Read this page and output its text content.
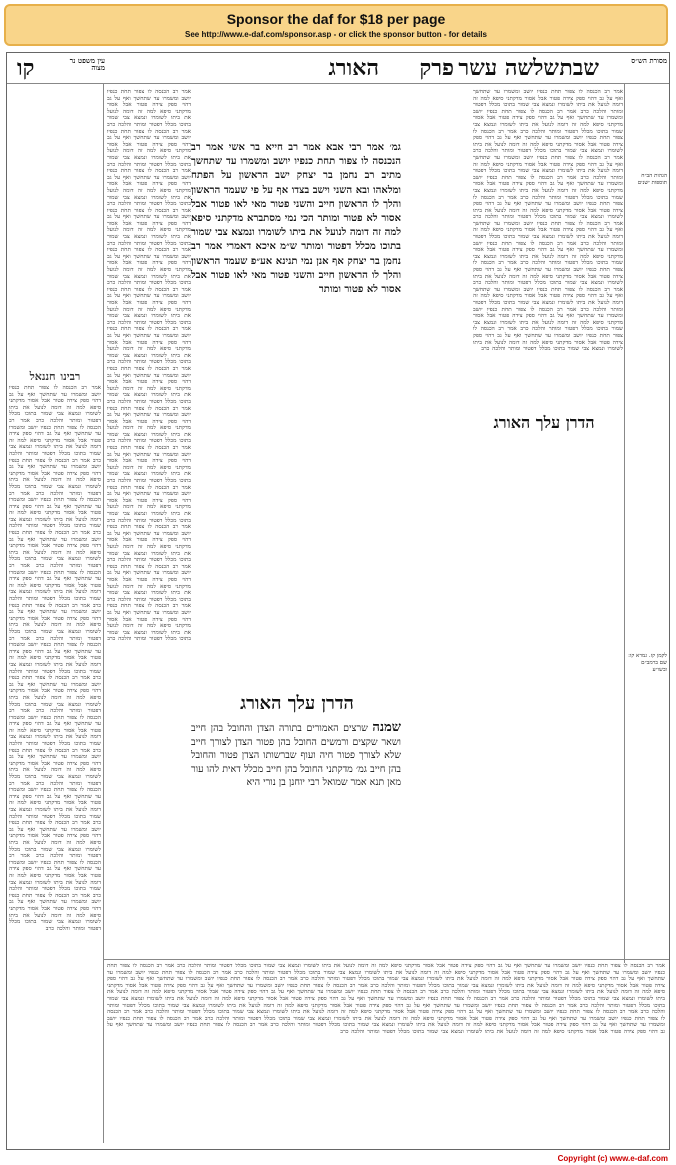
Sponsor the daf for $18 per page
See http://www.e-daf.com/sponsor.asp - or click the sponsor button - for details
מסורת הש״ס
האורג פרק שלשה עשר שבת
עין משפט נר מצוה
קו
אמר רב הכנסה לו צפור תחת כנפיו יושב ומשמרו עד שתחשך ואף על גב דהוי ספק צידה פטור אבל אסור מדקתני סיפא למה זה דומה לנועל את ביתו לשומרו ונמצא צבי שמור בתוכו מכלל דפטור ומותר והלכה כרב אמר רב הכנסה לו צפור תחת כנפיו יושב ומשמרו עד שתחשך ואף על גב דהוי ספק צידה פטור אבל אסור מדקתני סיפא למה זה דומה לנועל את ביתו לשומרו ונמצא צבי שמור בתוכו מכלל דפטור ומותר והלכה כרב אמר רב הכנסה לו צפור תחת כנפיו יושב ומשמרו עד שתחשך ואף על גב דהוי ספק צידה פטור אבל אסור מדקתני סיפא למה זה דומה לנועל את ביתו לשומרו ונמצא צבי שמור בתוכו מכלל דפטור ומותר והלכה כרב אמר רב הכנסה לו צפור תחת כנפיו יושב ומשמרו עד שתחשך ואף על גב דהוי ספק צידה פטור אבל אסור מדקתני סיפא למה זה דומה לנועל את ביתו לשומרו ונמצא צבי שמור בתוכו מכלל דפטור ומותר והלכה כרב אמר רב הכנסה לו צפור תחת כנפיו יושב ומשמרו עד שתחשך ואף על גב דהוי ספק צידה פטור אבל אסור מדקתני סיפא למה זה דומה לנועל את ביתו לשומרו ונמצא צבי שמור בתוכו מכלל דפטור ומותר והלכה כרב אמר רב הכנסה לו צפור תחת כנפיו יושב ומשמרו עד שתחשך ואף על גב דהוי ספק צידה פטור אבל אסור מדקתני סיפא למה זה דומה לנועל את ביתו לשומרו ונמצא צבי שמור בתוכו מכלל דפטור ומותר והלכה כרב אמר רב הכנסה לו צפור תחת כנפיו יושב ומשמרו עד שתחשך ואף על גב דהוי ספק צידה פטור אבל אסור מדקתני סיפא למה זה דומה לנועל את ביתו לשומרו ונמצא צבי שמור בתוכו מכלל דפטור ומותר והלכה כרב אמר רב הכנסה לו צפור תחת כנפיו יושב ומשמרו עד שתחשך ואף על גב דהוי ספק צידה פטור אבל אסור מדקתני סיפא למה זה דומה לנועל את ביתו לשומרו ונמצא צבי שמור בתוכו מכלל דפטור ומותר והלכה כרב אמר רב הכנסה לו צפור תחת כנפיו יושב ומשמרו עד שתחשך ואף על גב דהוי ספק צידה פטור אבל אסור מדקתני סיפא למה זה דומה לנועל את ביתו לשומרו ונמצא צבי שמור בתוכו מכלל דפטור ומותר והלכה כרב אמר רב הכנסה לו צפור תחת כנפיו יושב ומשמרו עד שתחשך ואף על גב דהוי ספק צידה פטור אבל אסור מדקתני סיפא למה זה דומה לנועל את ביתו לשומרו ונמצא צבי שמור בתוכו מכלל דפטור ומותר והלכה כרב אמר רב הכנסה לו צפור תחת כנפיו יושב ומשמרו עד שתחשך ואף על גב דהוי ספק צידה פטור אבל אסור מדקתני סיפא למה זה דומה לנועל את ביתו לשומרו ונמצא צבי שמור בתוכו מכלל דפטור ומותר והלכה כרב אמר רב הכנסה לו צפור תחת כנפיו יושב ומשמרו עד שתחשך ואף על גב דהוי ספק צידה פטור אבל אסור מדקתני סיפא למה זה דומה לנועל את ביתו לשומרו ונמצא צבי שמור בתוכו מכלל דפטור ומותר והלכה כרב
הדרן עלך האורג
גמ׳ אמר רבי אבא אמר רב חייא בר אשי אמר רב הנכנסה לו צפור תחת כנפיו יושב ומשמרו עד שתחשך מתיב רב נחמן בר יצחק ישב הראשון על הפתח ומלאהו ובא השני וישב בצדו אף על פי שעמד הראשון והלך לו הראשון חייב והשני פטור מאי לאו פטור אבל אסור לא פטור ומותר הכי נמי מסתברא מדקתני סיפא למה זה דומה לנועל את ביתו לשומרו ונמצא צבי שמור בתוכו מכלל דפטור ומותר ש״מ איכא דאמרי אמר רב נחמן בר יצחק אף אנן נמי תנינא אע״פ שעמד הראשון והלך לו הראשון חייב והשני פטור מאי לאו פטור אבל אסור לא פטור ומותר
הדרן עלך האורג
שמנה שרצים האמורים בתורה הצדן והחובל בהן חייב ושאר שקצים ורמשים החובל בהן פטור הצדן לצורך חייב שלא לצורך פטור חיה ועוף שברשותו הצדן פטור והחובל בהן חייב גמ׳ מדקתני החובל בהן חייב מכלל דאית להו עור מאן תנא אמר שמואל רבי יוחנן בן נורי היא
אמר רב הכנסה לו צפור תחת כנפיו יושב ומשמרו עד שתחשך ואף על גב דהוי ספק צידה פטור אבל אסור מדקתני סיפא למה זה דומה לנועל את ביתו לשומרו ונמצא צבי שמור בתוכו מכלל דפטור ומותר והלכה כרב אמר רב הכנסה לו צפור תחת כנפיו יושב ומשמרו עד שתחשך ואף על גב דהוי ספק צידה פטור אבל אסור מדקתני סיפא למה זה דומה לנועל את ביתו לשומרו ונמצא צבי שמור בתוכו מכלל דפטור ומותר והלכה כרב אמר רב הכנסה לו צפור תחת כנפיו יושב ומשמרו עד שתחשך ואף על גב דהוי ספק צידה פטור אבל אסור מדקתני סיפא למה זה דומה לנועל את ביתו לשומרו ונמצא צבי שמור בתוכו מכלל דפטור ומותר והלכה כרב אמר רב הכנסה לו צפור תחת כנפיו יושב ומשמרו עד שתחשך ואף על גב דהוי ספק צידה פטור אבל אסור מדקתני סיפא למה זה דומה לנועל את ביתו לשומרו ונמצא צבי שמור בתוכו מכלל דפטור ומותר והלכה כרב אמר רב הכנסה לו צפור תחת כנפיו יושב ומשמרו עד שתחשך ואף על גב דהוי ספק צידה פטור אבל אסור מדקתני סיפא למה זה דומה לנועל את ביתו לשומרו ונמצא צבי שמור בתוכו מכלל דפטור ומותר והלכה כרב אמר רב הכנסה לו צפור תחת כנפיו יושב ומשמרו עד שתחשך ואף על גב דהוי ספק צידה פטור אבל אסור מדקתני סיפא למה זה דומה לנועל את ביתו לשומרו ונמצא צבי שמור בתוכו מכלל דפטור ומותר והלכה כרב אמר רב הכנסה לו צפור תחת כנפיו יושב ומשמרו עד שתחשך ואף על גב דהוי ספק צידה פטור אבל אסור מדקתני סיפא למה זה דומה לנועל את ביתו לשומרו ונמצא צבי שמור בתוכו מכלל דפטור ומותר והלכה כרב אמר רב הכנסה לו צפור תחת כנפיו יושב ומשמרו עד שתחשך ואף על גב דהוי ספק צידה פטור אבל אסור מדקתני סיפא למה זה דומה לנועל את ביתו לשומרו ונמצא צבי שמור בתוכו מכלל דפטור ומותר והלכה כרב אמר רב הכנסה לו צפור תחת כנפיו יושב ומשמרו עד שתחשך ואף על גב דהוי ספק צידה פטור אבל אסור מדקתני סיפא למה זה דומה לנועל את ביתו לשומרו ונמצא צבי שמור בתוכו מכלל דפטור ומותר והלכה כרב אמר רב הכנסה לו צפור תחת כנפיו יושב ומשמרו עד שתחשך ואף על גב דהוי ספק צידה פטור אבל אסור מדקתני סיפא למה זה דומה לנועל את ביתו לשומרו ונמצא צבי שמור בתוכו מכלל דפטור ומותר והלכה כרב אמר רב הכנסה לו צפור תחת כנפיו יושב ומשמרו עד שתחשך ואף על גב דהוי ספק צידה פטור אבל אסור מדקתני סיפא למה זה דומה לנועל את ביתו לשומרו ונמצא צבי שמור בתוכו מכלל דפטור ומותר והלכה כרב אמר רב הכנסה לו צפור תחת כנפיו יושב ומשמרו עד שתחשך ואף על גב דהוי ספק צידה פטור אבל אסור מדקתני סיפא למה זה דומה לנועל את ביתו לשומרו ונמצא צבי שמור בתוכו מכלל דפטור ומותר והלכה כרב אמר רב הכנסה לו צפור תחת כנפיו יושב ומשמרו עד שתחשך ואף על גב דהוי ספק צידה פטור אבל אסור מדקתני סיפא למה זה דומה לנועל את ביתו לשומרו ונמצא צבי שמור בתוכו מכלל דפטור ומותר והלכה כרב אמר רב הכנסה לו צפור תחת כנפיו יושב ומשמרו עד שתחשך ואף על גב דהוי ספק צידה פטור אבל אסור מדקתני סיפא למה זה דומה לנועל את ביתו לשומרו ונמצא צבי שמור בתוכו מכלל דפטור ומותר והלכה כרב
רבינו חננאל
אמר רב הכנסה לו צפור תחת כנפיו יושב ומשמרו עד שתחשך ואף על גב דהוי ספק צידה פטור אבל אסור מדקתני סיפא למה זה דומה לנועל את ביתו לשומרו ונמצא צבי שמור בתוכו מכלל דפטור ומותר והלכה כרב אמר רב הכנסה לו צפור תחת כנפיו יושב ומשמרו עד שתחשך ואף על גב דהוי ספק צידה פטור אבל אסור מדקתני סיפא למה זה דומה לנועל את ביתו לשומרו ונמצא צבי שמור בתוכו מכלל דפטור ומותר והלכה כרב אמר רב הכנסה לו צפור תחת כנפיו יושב ומשמרו עד שתחשך ואף על גב דהוי ספק צידה פטור אבל אסור מדקתני סיפא למה זה דומה לנועל את ביתו לשומרו ונמצא צבי שמור בתוכו מכלל דפטור ומותר והלכה כרב אמר רב הכנסה לו צפור תחת כנפיו יושב ומשמרו עד שתחשך ואף על גב דהוי ספק צידה פטור אבל אסור מדקתני סיפא למה זה דומה לנועל את ביתו לשומרו ונמצא צבי שמור בתוכו מכלל דפטור ומותר והלכה כרב אמר רב הכנסה לו צפור תחת כנפיו יושב ומשמרו עד שתחשך ואף על גב דהוי ספק צידה פטור אבל אסור מדקתני סיפא למה זה דומה לנועל את ביתו לשומרו ונמצא צבי שמור בתוכו מכלל דפטור ומותר והלכה כרב אמר רב הכנסה לו צפור תחת כנפיו יושב ומשמרו עד שתחשך ואף על גב דהוי ספק צידה פטור אבל אסור מדקתני סיפא למה זה דומה לנועל את ביתו לשומרו ונמצא צבי שמור בתוכו מכלל דפטור ומותר והלכה כרב אמר רב הכנסה לו צפור תחת כנפיו יושב ומשמרו עד שתחשך ואף על גב דהוי ספק צידה פטור אבל אסור מדקתני סיפא למה זה דומה לנועל את ביתו לשומרו ונמצא צבי שמור בתוכו מכלל דפטור ומותר והלכה כרב אמר רב הכנסה לו צפור תחת כנפיו יושב ומשמרו עד שתחשך ואף על גב דהוי ספק צידה פטור אבל אסור מדקתני סיפא למה זה דומה לנועל את ביתו לשומרו ונמצא צבי שמור בתוכו מכלל דפטור ומותר והלכה כרב אמר רב הכנסה לו צפור תחת כנפיו יושב ומשמרו עד שתחשך ואף על גב דהוי ספק צידה פטור אבל אסור מדקתני סיפא למה זה דומה לנועל את ביתו לשומרו ונמצא צבי שמור בתוכו מכלל דפטור ומותר והלכה כרב אמר רב הכנסה לו צפור תחת כנפיו יושב ומשמרו עד שתחשך ואף על גב דהוי ספק צידה פטור אבל אסור מדקתני סיפא למה זה דומה לנועל את ביתו לשומרו ונמצא צבי שמור בתוכו מכלל דפטור ומותר והלכה כרב אמר רב הכנסה לו צפור תחת כנפיו יושב ומשמרו עד שתחשך ואף על גב דהוי ספק צידה פטור אבל אסור מדקתני סיפא למה זה דומה לנועל את ביתו לשומרו ונמצא צבי שמור בתוכו מכלל דפטור ומותר והלכה כרב אמר רב הכנסה לו צפור תחת כנפיו יושב ומשמרו עד שתחשך ואף על גב דהוי ספק צידה פטור אבל אסור מדקתני סיפא למה זה דומה לנועל את ביתו לשומרו ונמצא צבי שמור בתוכו מכלל דפטור ומותר והלכה כרב אמר רב הכנסה לו צפור תחת כנפיו יושב ומשמרו עד שתחשך ואף על גב דהוי ספק צידה פטור אבל אסור מדקתני סיפא למה זה דומה לנועל את ביתו לשומרו ונמצא צבי שמור בתוכו מכלל דפטור ומותר והלכה כרב אמר רב הכנסה לו צפור תחת כנפיו יושב ומשמרו עד שתחשך ואף על גב דהוי ספק צידה פטור אבל אסור מדקתני סיפא למה זה דומה לנועל את ביתו לשומרו ונמצא צבי שמור בתוכו מכלל דפטור ומותר והלכה כרב אמר רב הכנסה לו צפור תחת כנפיו יושב ומשמרו עד שתחשך ואף על גב דהוי ספק צידה פטור אבל אסור מדקתני סיפא למה זה דומה לנועל את ביתו לשומרו ונמצא צבי שמור בתוכו מכלל דפטור ומותר והלכה כרב
הגהות הב״ח תוספות ישנים
לקמן קז. גמרא קו: שם ברמב״ם ובשו״ע
אמר רב הכנסה לו צפור תחת כנפיו יושב ומשמרו עד שתחשך ואף על גב דהוי ספק צידה פטור אבל אסור מדקתני סיפא למה זה דומה לנועל את ביתו לשומרו ונמצא צבי שמור בתוכו מכלל דפטור ומותר והלכה כרב אמר רב הכנסה לו צפור תחת כנפיו יושב ומשמרו עד שתחשך ואף על גב דהוי ספק צידה פטור אבל אסור מדקתני סיפא למה זה דומה לנועל את ביתו לשומרו ונמצא צבי שמור בתוכו מכלל דפטור ומותר והלכה כרב אמר רב הכנסה לו צפור תחת כנפיו יושב ומשמרו עד שתחשך ואף על גב דהוי ספק צידה פטור אבל אסור מדקתני סיפא למה זה דומה לנועל את ביתו לשומרו ונמצא צבי שמור בתוכו מכלל דפטור ומותר והלכה כרב אמר רב הכנסה לו צפור תחת כנפיו יושב ומשמרו עד שתחשך ואף על גב דהוי ספק צידה פטור אבל אסור מדקתני סיפא למה זה דומה לנועל את ביתו לשומרו ונמצא צבי שמור בתוכו מכלל דפטור ומותר והלכה כרב אמר רב הכנסה לו צפור תחת כנפיו יושב ומשמרו עד שתחשך ואף על גב דהוי ספק צידה פטור אבל אסור מדקתני סיפא למה זה דומה לנועל את ביתו לשומרו ונמצא צבי שמור בתוכו מכלל דפטור ומותר והלכה כרב אמר רב הכנסה לו צפור תחת כנפיו יושב ומשמרו עד שתחשך ואף על גב דהוי ספק צידה פטור אבל אסור מדקתני סיפא למה זה דומה לנועל את ביתו לשומרו ונמצא צבי שמור בתוכו מכלל דפטור ומותר והלכה כרב אמר רב הכנסה לו צפור תחת כנפיו יושב ומשמרו עד שתחשך ואף על גב דהוי ספק צידה פטור אבל אסור מדקתני סיפא למה זה דומה לנועל את ביתו לשומרו ונמצא צבי שמור בתוכו מכלל דפטור ומותר והלכה כרב אמר רב הכנסה לו צפור תחת כנפיו יושב ומשמרו עד שתחשך ואף על גב דהוי ספק צידה פטור אבל אסור מדקתני סיפא למה זה דומה לנועל את ביתו לשומרו ונמצא צבי שמור בתוכו מכלל דפטור ומותר והלכה כרב אמר רב הכנסה לו צפור תחת כנפיו יושב ומשמרו עד שתחשך ואף על גב דהוי ספק צידה פטור אבל אסור מדקתני סיפא למה זה דומה לנועל את ביתו לשומרו ונמצא צבי שמור בתוכו מכלל דפטור ומותר והלכה כרב אמר רב הכנסה לו צפור תחת כנפיו יושב ומשמרו עד שתחשך ואף על גב דהוי ספק צידה פטור אבל אסור מדקתני סיפא למה זה דומה לנועל את ביתו לשומרו ונמצא צבי שמור בתוכו מכלל דפטור ומותר והלכה כרב אמר רב הכנסה לו צפור תחת כנפיו יושב ומשמרו עד שתחשך ואף על גב דהוי ספק צידה פטור אבל אסור מדקתני סיפא למה זה דומה לנועל את ביתו לשומרו ונמצא צבי שמור בתוכו מכלל דפטור ומותר והלכה כרב אמר רב הכנסה לו צפור תחת כנפיו יושב ומשמרו עד שתחשך ואף על גב דהוי ספק צידה פטור אבל אסור מדקתני סיפא למה זה דומה לנועל את ביתו לשומרו ונמצא צבי שמור בתוכו מכלל דפטור ומותר והלכה כרב
Copyright (c) www.e-daf.com
